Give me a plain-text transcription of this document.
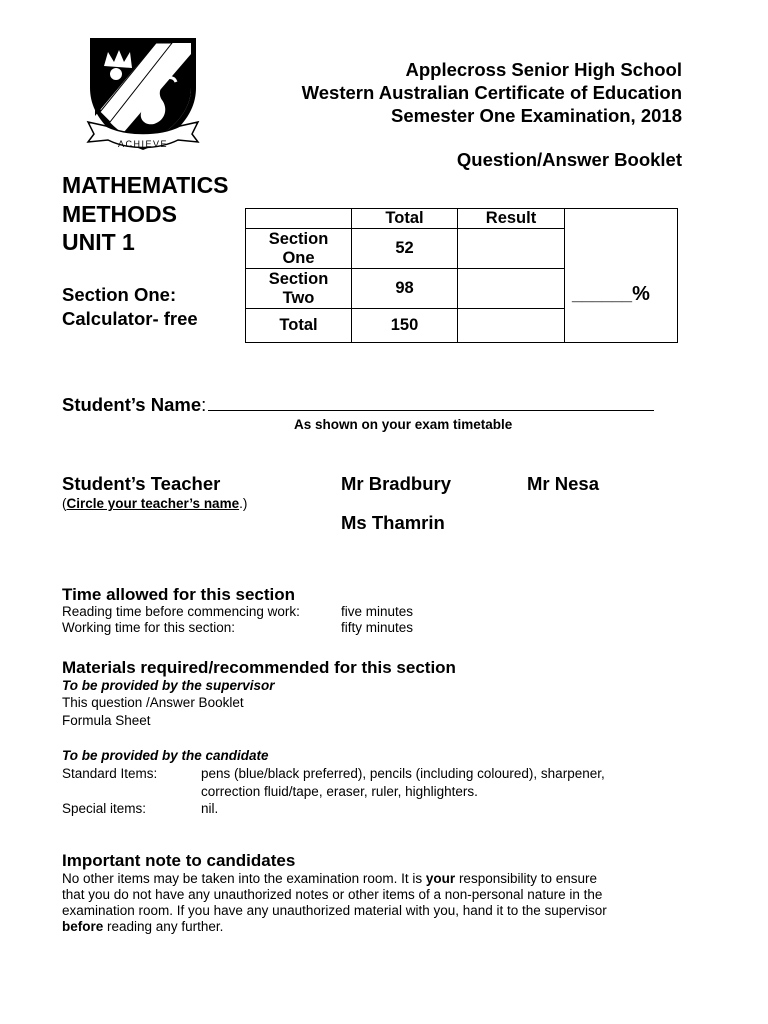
ACHIEVE
Applecross Senior High School
Western Australian Certificate of Education
Semester One Examination, 2018
Question/Answer Booklet
MATHEMATICS
METHODS
UNIT 1
Section One:
Calculator- free
	Total	Result	______%
Section One	52		
Section Two	98		
Total	150		
Student’s Name:
As shown on your exam timetable
Student’s Teacher
(Circle your teacher’s name.)
Mr Bradbury	Mr Nesa
Ms Thamrin
Time allowed for this section
Reading time before commencing work:	five minutes
Working time for this section:	fifty minutes
Materials required/recommended for this section
To be provided by the supervisor
This question /Answer Booklet
Formula Sheet
To be provided by the candidate
Standard Items:	pens (blue/black preferred), pencils (including coloured), sharpener,
correction fluid/tape, eraser, ruler, highlighters.
Special items:	nil.
Important note to candidates
No other items may be taken into the examination room. It is your responsibility to ensure
that you do not have any unauthorized notes or other items of a non-personal nature in the
examination room. If you have any unauthorized material with you, hand it to the supervisor
before reading any further.
